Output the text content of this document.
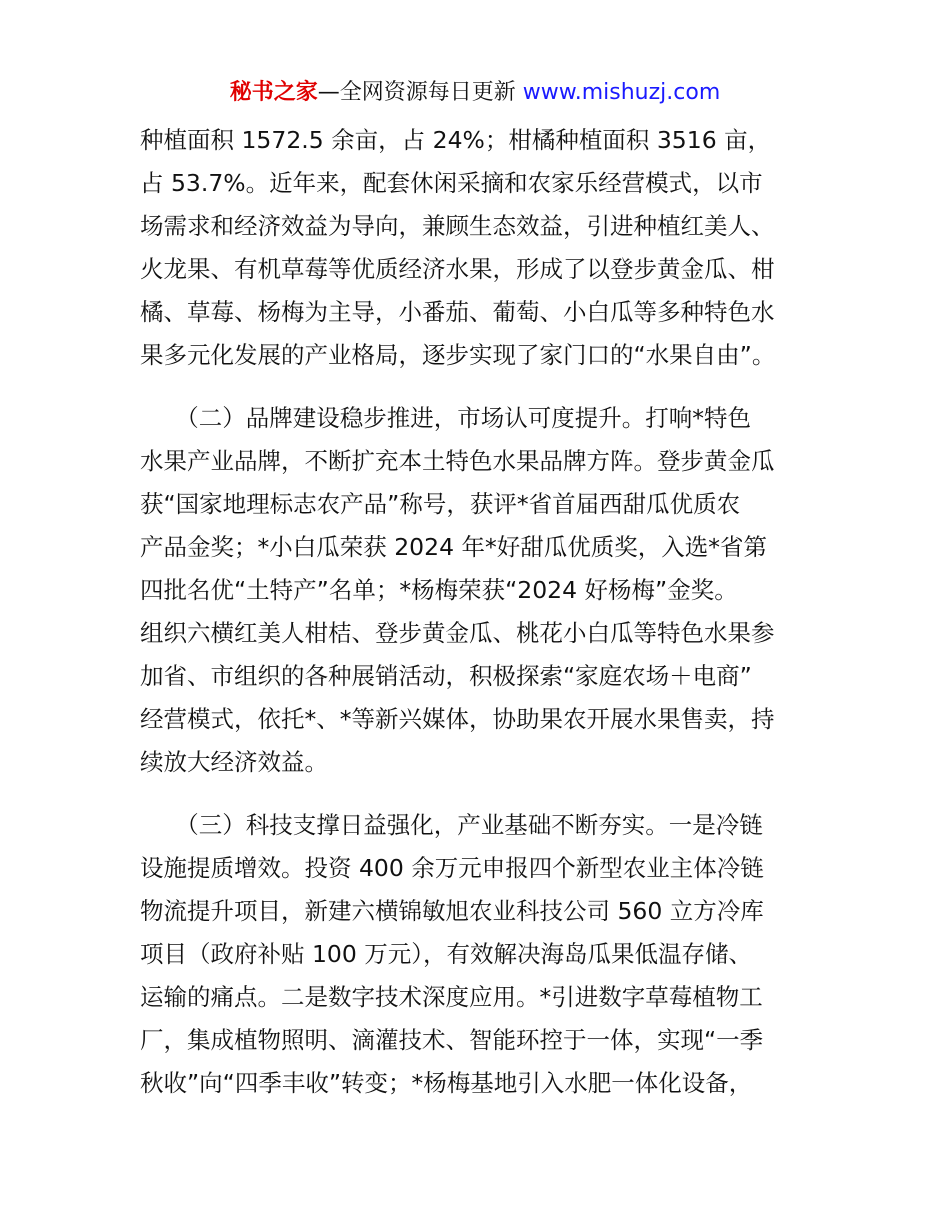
秘书之家—全网资源每日更新 www.mishuzj.com
种植面积 1572.5 余亩，占 24%；柑橘种植面积 3516 亩，
占 53.7%。近年来，配套休闲采摘和农家乐经营模式，以市
场需求和经济效益为导向，兼顾生态效益，引进种植红美人、
火龙果、有机草莓等优质经济水果，形成了以登步黄金瓜、柑
橘、草莓、杨梅为主导，小番茄、葡萄、小白瓜等多种特色水
果多元化发展的产业格局，逐步实现了家门口的“水果自由”。
　　（二）品牌建设稳步推进，市场认可度提升。打响*特色
水果产业品牌，不断扩充本土特色水果品牌方阵。登步黄金瓜
获“国家地理标志农产品”称号，获评*省首届西甜瓜优质农
产品金奖；*小白瓜荣获 2024 年*好甜瓜优质奖，入选*省第
四批名优“土特产”名单；*杨梅荣获“2024 好杨梅”金奖。
组织六横红美人柑桔、登步黄金瓜、桃花小白瓜等特色水果参
加省、市组织的各种展销活动，积极探索“家庭农场＋电商”
经营模式，依托*、*等新兴媒体，协助果农开展水果售卖，持
续放大经济效益。
　　（三）科技支撑日益强化，产业基础不断夯实。一是冷链
设施提质增效。投资 400 余万元申报四个新型农业主体冷链
物流提升项目，新建六横锦敏旭农业科技公司 560 立方冷库
项目（政府补贴 100 万元），有效解决海岛瓜果低温存储、
运输的痛点。二是数字技术深度应用。*引进数字草莓植物工
厂，集成植物照明、滴灌技术、智能环控于一体，实现“一季
秋收”向“四季丰收”转变；*杨梅基地引入水肥一体化设备，
